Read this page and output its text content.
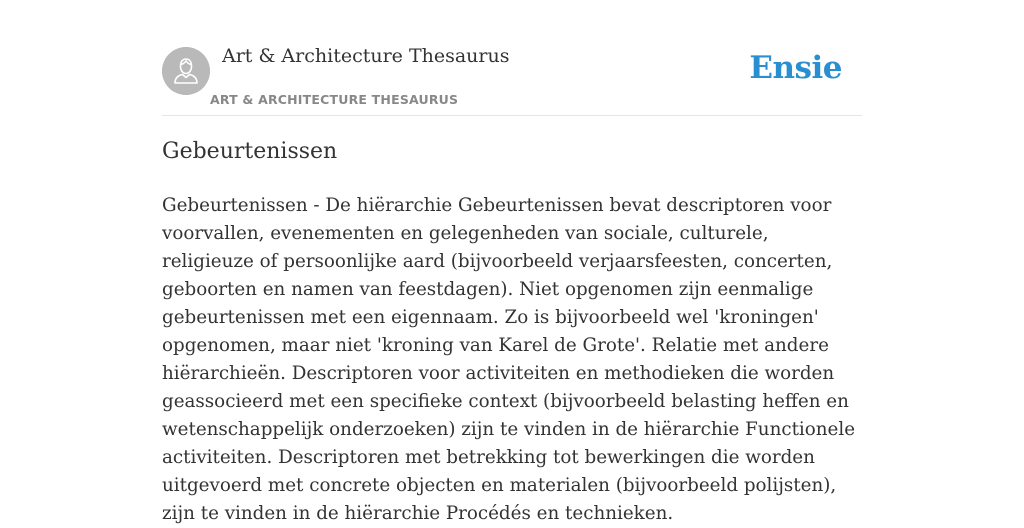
Art & Architecture Thesaurus
ART & ARCHITECTURE THESAURUS
Ensie
Gebeurtenissen

Gebeurtenissen - De hiërarchie Gebeurtenissen bevat descriptoren voor voorvallen, evenementen en gelegenheden van sociale, culturele, religieuze of persoonlijke aard (bijvoorbeeld verjaarsfeesten, concerten, geboorten en namen van feestdagen). Niet opgenomen zijn eenmalige gebeurtenissen met een eigennaam. Zo is bijvoorbeeld wel 'kroningen' opgenomen, maar niet 'kroning van Karel de Grote'. Relatie met andere hiërarchieën. Descriptoren voor activiteiten en methodieken die worden geassocieerd met een specifieke context (bijvoorbeeld belasting heffen en wetenschappelijk onderzoeken) zijn te vinden in de hiërarchie Functionele activiteiten. Descriptoren met betrekking tot bewerkingen die worden uitgevoerd met concrete objecten en materialen (bijvoorbeeld polijsten), zijn te vinden in de hiërarchie Procédés en technieken.
